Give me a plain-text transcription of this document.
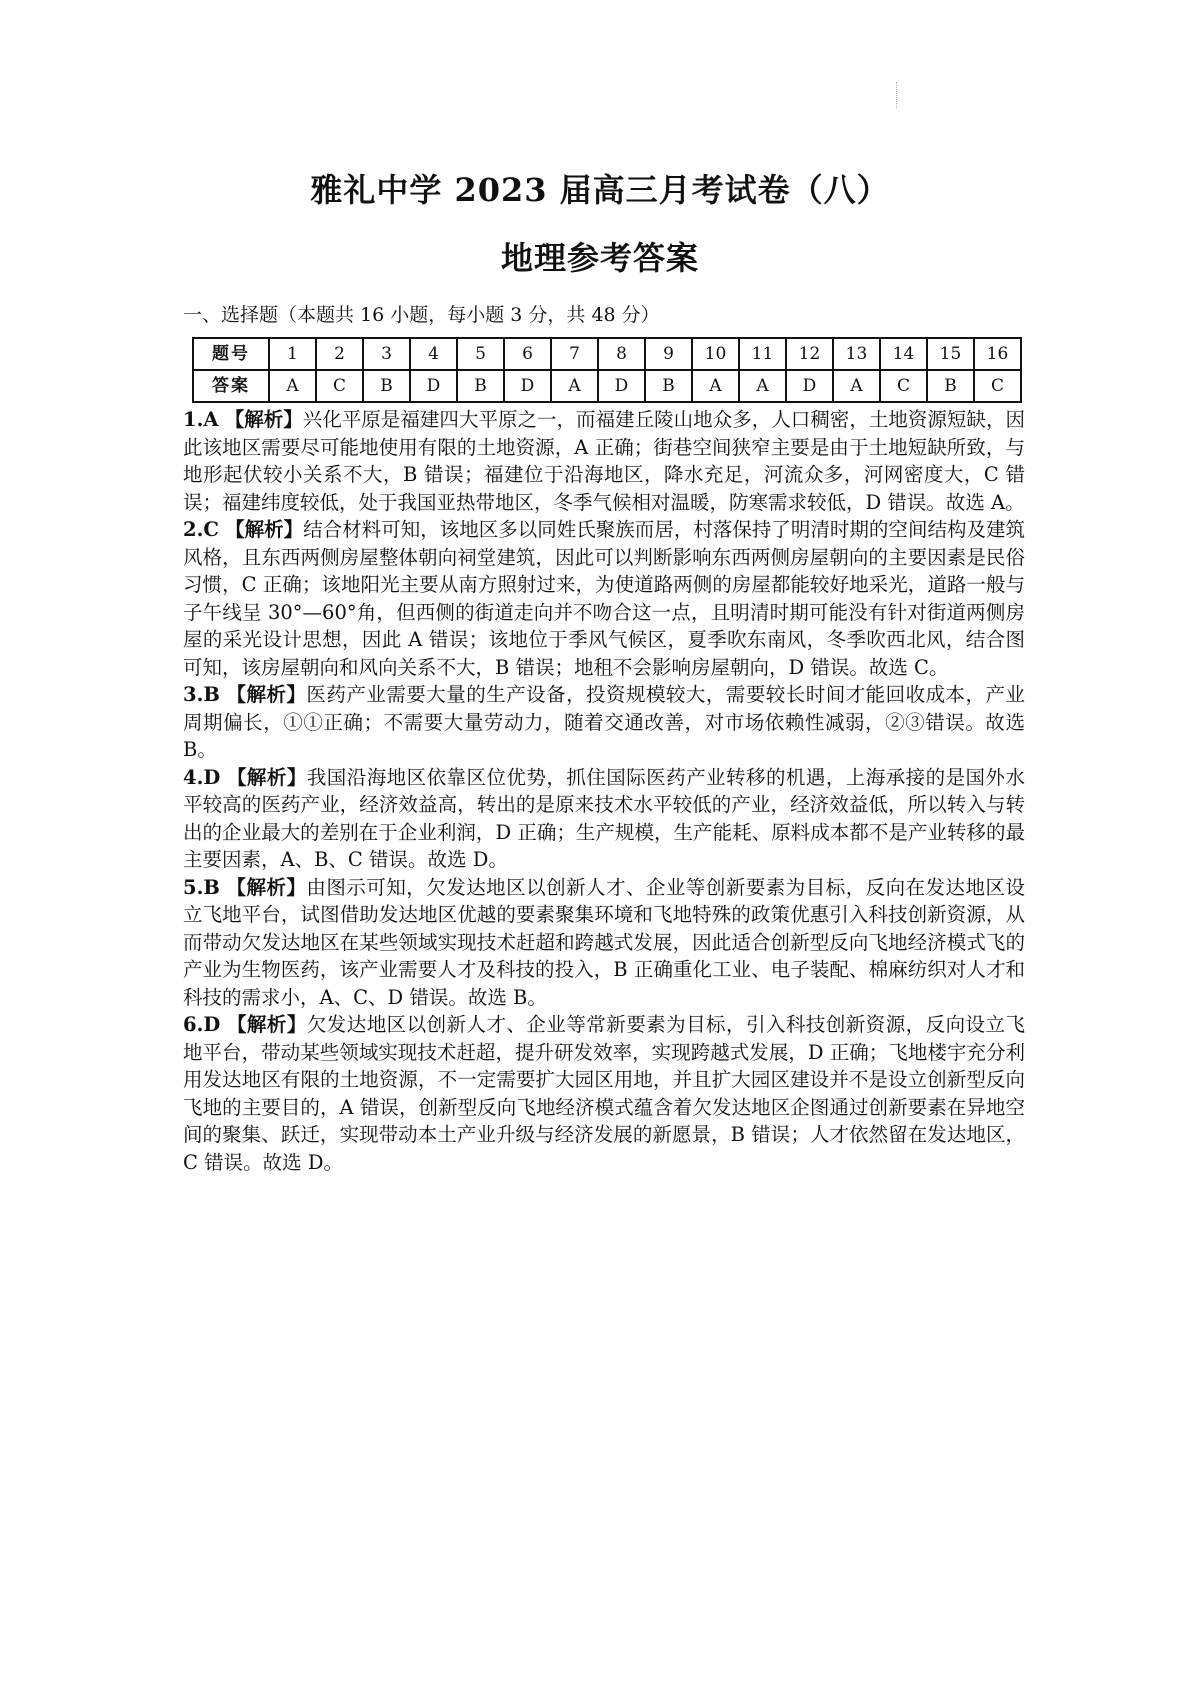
雅礼中学 2023 届高三月考试卷（八）
地理参考答案
一、选择题（本题共 16 小题，每小题 3 分，共 48 分）
题号	1	2	3	4	5	6	7	8	9	10	11	12	13	14	15	16
答案	A	C	B	D	B	D	A	D	B	A	A	D	A	C	B	C

1.A 【解析】兴化平原是福建四大平原之一，而福建丘陵山地众多，人口稠密，土地资源短缺，因此该地区需要尽可能地使用有限的土地资源，A 正确；街巷空间狭窄主要是由于土地短缺所致，与地形起伏较小关系不大，B 错误；福建位于沿海地区，降水充足，河流众多，河网密度大，C 错误；福建纬度较低，处于我国亚热带地区，冬季气候相对温暖，防寒需求较低，D 错误。故选 A。

2.C 【解析】结合材料可知，该地区多以同姓氏聚族而居，村落保持了明清时期的空间结构及建筑风格，且东西两侧房屋整体朝向祠堂建筑，因此可以判断影响东西两侧房屋朝向的主要因素是民俗习惯，C 正确；该地阳光主要从南方照射过来，为使道路两侧的房屋都能较好地采光，道路一般与子午线呈 30°—60°角，但西侧的街道走向并不吻合这一点，且明清时期可能没有针对街道两侧房屋的采光设计思想，因此 A 错误；该地位于季风气候区，夏季吹东南风，冬季吹西北风，结合图可知，该房屋朝向和风向关系不大，B 错误；地租不会影响房屋朝向，D 错误。故选 C。

3.B 【解析】医药产业需要大量的生产设备，投资规模较大，需要较长时间才能回收成本，产业周期偏长，①①正确；不需要大量劳动力，随着交通改善，对市场依赖性减弱，②③错误。故选 B。

4.D 【解析】我国沿海地区依靠区位优势，抓住国际医药产业转移的机遇，上海承接的是国外水平较高的医药产业，经济效益高，转出的是原来技术水平较低的产业，经济效益低，所以转入与转出的企业最大的差别在于企业利润，D 正确；生产规模，生产能耗、原料成本都不是产业转移的最主要因素，A、B、C 错误。故选 D。

5.B 【解析】由图示可知，欠发达地区以创新人才、企业等创新要素为目标，反向在发达地区设立飞地平台，试图借助发达地区优越的要素聚集环境和飞地特殊的政策优惠引入科技创新资源，从而带动欠发达地区在某些领域实现技术赶超和跨越式发展，因此适合创新型反向飞地经济模式飞的产业为生物医药，该产业需要人才及科技的投入，B 正确重化工业、电子装配、棉麻纺织对人才和科技的需求小，A、C、D 错误。故选 B。

6.D 【解析】欠发达地区以创新人才、企业等常新要素为目标，引入科技创新资源，反向设立飞地平台，带动某些领域实现技术赶超，提升研发效率，实现跨越式发展，D 正确；飞地楼宇充分利用发达地区有限的土地资源，不一定需要扩大园区用地，并且扩大园区建设并不是设立创新型反向飞地的主要目的，A 错误，创新型反向飞地经济模式蕴含着欠发达地区企图通过创新要素在异地空间的聚集、跃迁，实现带动本土产业升级与经济发展的新愿景，B 错误；人才依然留在发达地区，C 错误。故选 D。
